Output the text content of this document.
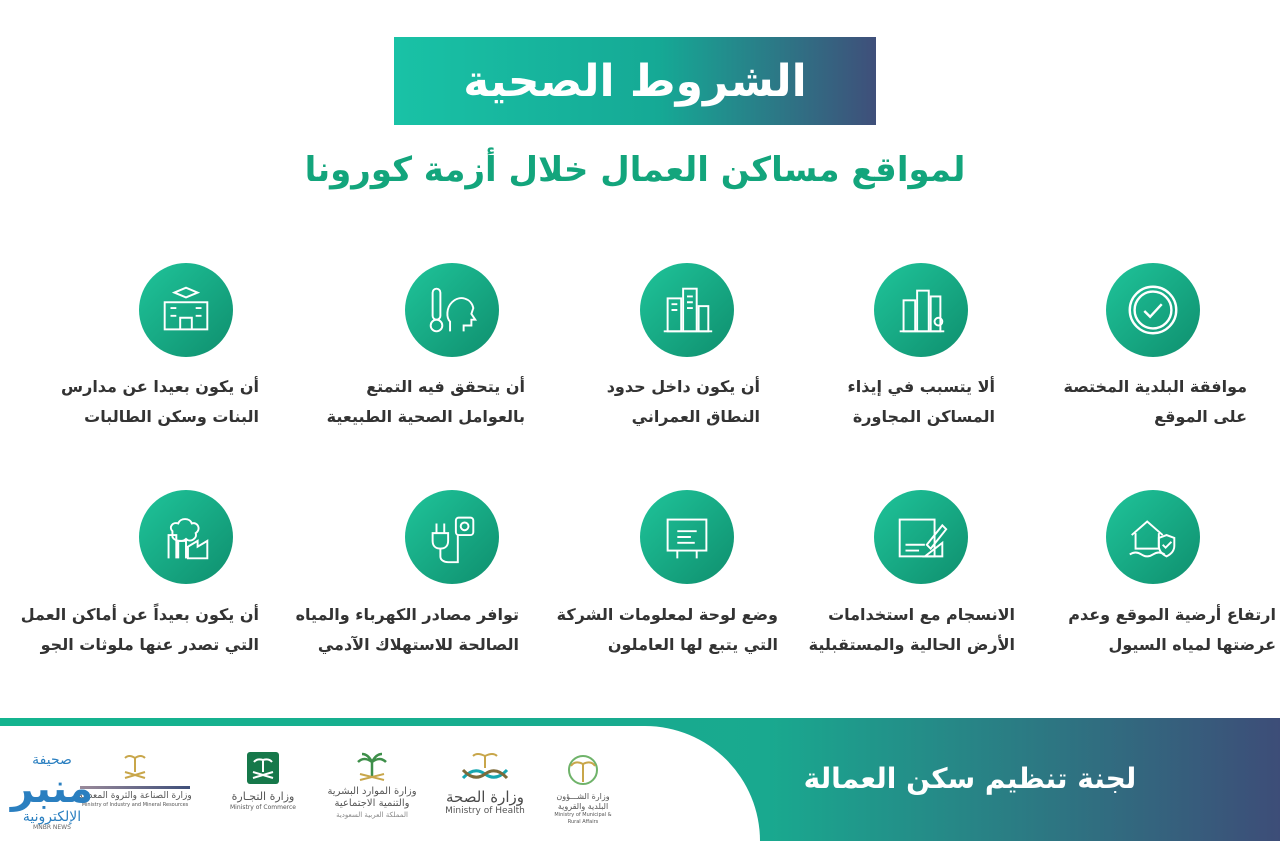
الشروط الصحية
لمواقع مساكن العمال خلال أزمة كورونا
موافقة البلدية المختصة
على الموقع
ألا يتسبب في إيذاء
المساكن المجاورة
أن يكون داخل حدود
النطاق العمراني
أن يتحقق فيه التمتع
بالعوامل الصحية الطبيعية
أن يكون بعيدا عن مدارس
البنات وسكن الطالبات
ارتفاع أرضية الموقع وعدم
عرضتها لمياه السيول
الانسجام مع استخدامات
الأرض الحالية والمستقبلية
وضع لوحة لمعلومات الشركة
التي يتبع لها العاملون
توافر مصادر الكهرباء والمياه
الصالحة للاستهلاك الآدمي
أن يكون بعيداً عن أماكن العمل
التي تصدر عنها ملوثات الجو
لجنة تنظيم سكن العمالة
وزارة الشـــؤون البلدية والقروية
Ministry of Municipal & Rural Affairs
وزارة الصحة
Ministry of Health
وزارة الموارد البشرية والتنمية الاجتماعية
المملكة العربية السعودية
وزارة التجـارة
Ministry of Commerce
وزارة الصناعة والثروة المعدنية
Ministry of Industry and Mineral Resources
صحيفة
منبر
الإلكترونية
MNBR NEWS
